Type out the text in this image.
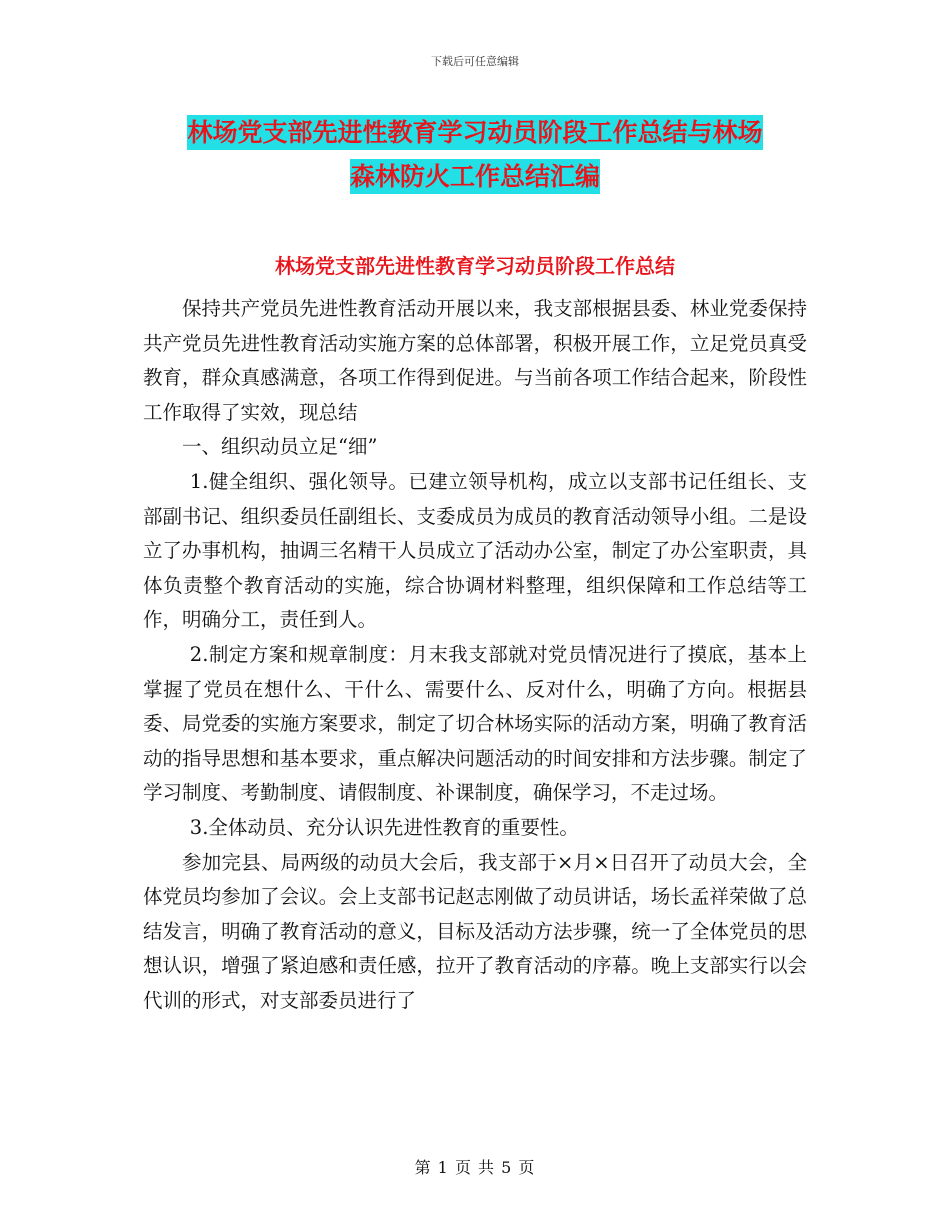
下载后可任意编辑
林场党支部先进性教育学习动员阶段工作总结与林场
森林防火工作总结汇编
林场党支部先进性教育学习动员阶段工作总结

保持共产党员先进性教育活动开展以来，我支部根据县委、林业党委保持共产党员先进性教育活动实施方案的总体部署，积极开展工作，立足党员真受教育，群众真感满意，各项工作得到促进。与当前各项工作结合起来，阶段性工作取得了实效，现总结

一、组织动员立足“细”

1.健全组织、强化领导。已建立领导机构，成立以支部书记任组长、支部副书记、组织委员任副组长、支委成员为成员的教育活动领导小组。二是设立了办事机构，抽调三名精干人员成立了活动办公室，制定了办公室职责，具体负责整个教育活动的实施，综合协调材料整理，组织保障和工作总结等工作，明确分工，责任到人。

2.制定方案和规章制度：月末我支部就对党员情况进行了摸底，基本上掌握了党员在想什么、干什么、需要什么、反对什么，明确了方向。根据县委、局党委的实施方案要求，制定了切合林场实际的活动方案，明确了教育活动的指导思想和基本要求，重点解决问题活动的时间安排和方法步骤。制定了学习制度、考勤制度、请假制度、补课制度，确保学习，不走过场。

3.全体动员、充分认识先进性教育的重要性。

参加完县、局两级的动员大会后，我支部于×月×日召开了动员大会，全体党员均参加了会议。会上支部书记赵志刚做了动员讲话，场长孟祥荣做了总结发言，明确了教育活动的意义，目标及活动方法步骤，统一了全体党员的思想认识，增强了紧迫感和责任感，拉开了教育活动的序幕。晚上支部实行以会代训的形式，对支部委员进行了

第 1 页 共 5 页
